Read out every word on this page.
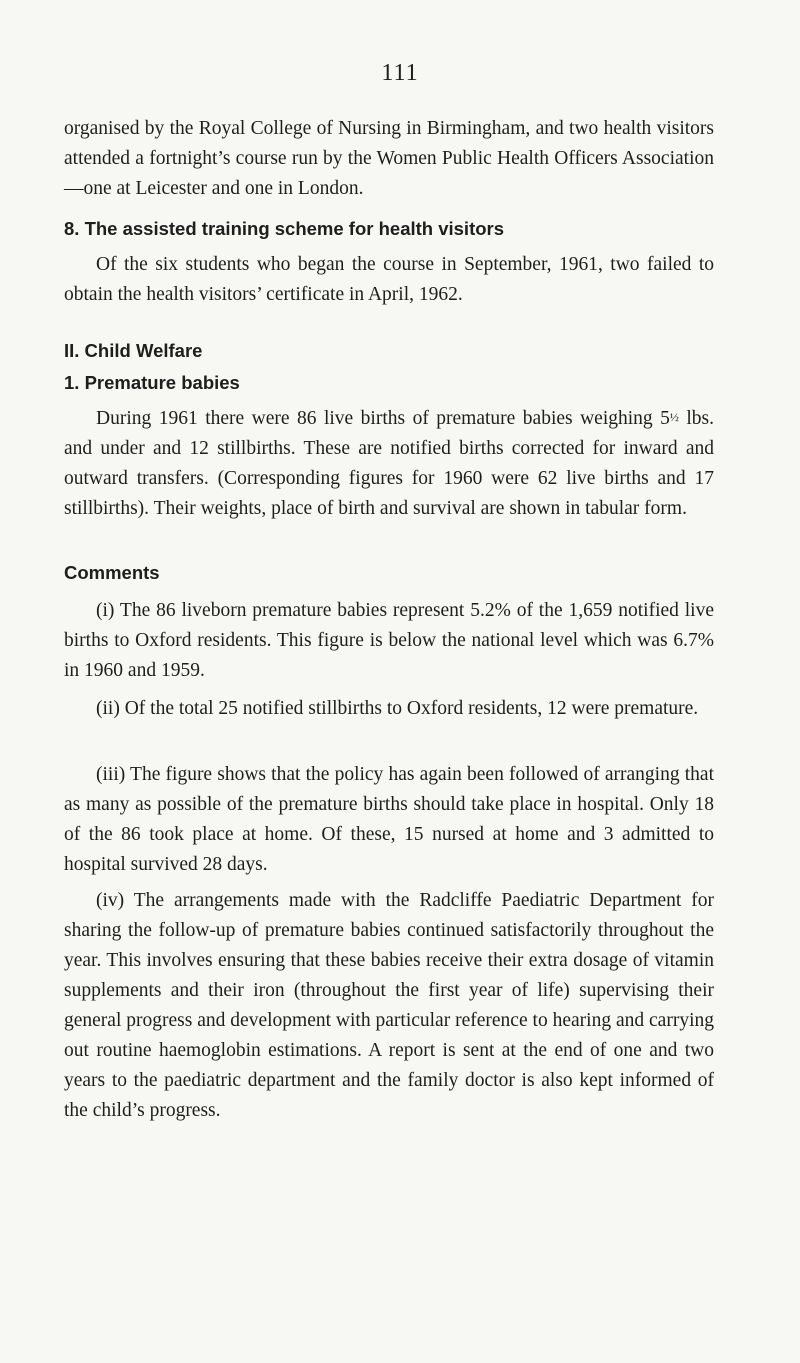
111
organised by the Royal College of Nursing in Birmingham, and two health visitors attended a fortnight’s course run by the Women Public Health Officers Association—one at Leicester and one in London.
8. The assisted training scheme for health visitors
Of the six students who began the course in September, 1961, two failed to obtain the health visitors’ certificate in April, 1962.
II. Child Welfare
1. Premature babies
During 1961 there were 86 live births of premature babies weighing 5½ lbs. and under and 12 stillbirths. These are notified births corrected for inward and outward transfers. (Corresponding figures for 1960 were 62 live births and 17 stillbirths). Their weights, place of birth and survival are shown in tabular form.
Comments
(i) The 86 liveborn premature babies represent 5.2% of the 1,659 notified live births to Oxford residents. This figure is below the national level which was 6.7% in 1960 and 1959.
(ii) Of the total 25 notified stillbirths to Oxford residents, 12 were premature.
(iii) The figure shows that the policy has again been followed of arranging that as many as possible of the premature births should take place in hospital. Only 18 of the 86 took place at home. Of these, 15 nursed at home and 3 admitted to hospital survived 28 days.
(iv) The arrangements made with the Radcliffe Paediatric Department for sharing the follow-up of premature babies continued satisfactorily throughout the year. This involves ensuring that these babies receive their extra dosage of vitamin supplements and their iron (throughout the first year of life) supervising their general progress and development with particular reference to hearing and carrying out routine haemoglobin estimations. A report is sent at the end of one and two years to the paediatric department and the family doctor is also kept informed of the child’s progress.
